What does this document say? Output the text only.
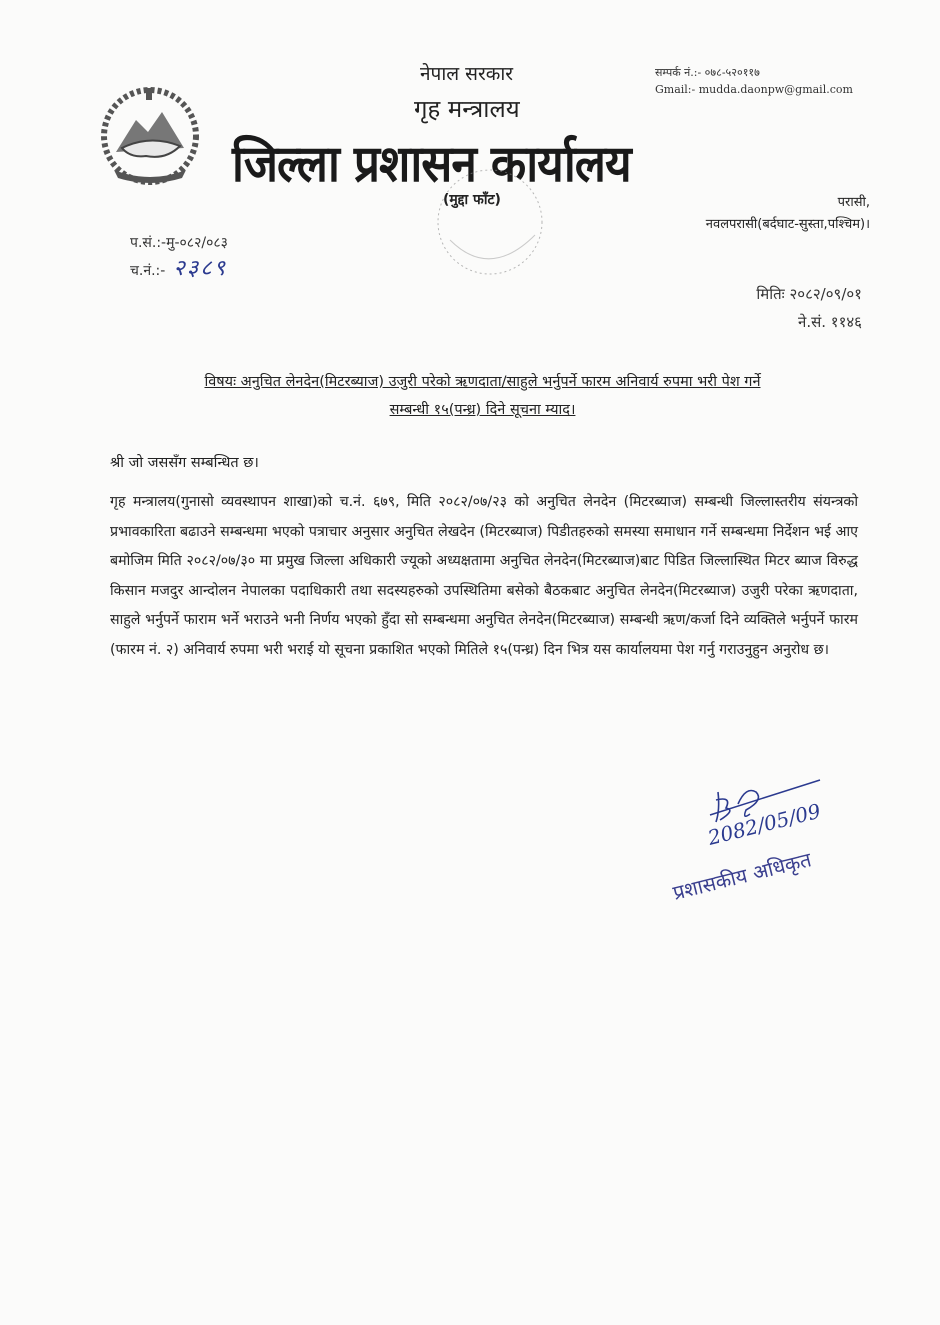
नेपाल सरकार
गृह मन्त्रालय
जिल्ला प्रशासन कार्यालय
सम्पर्क नं.:- ०७८-५२०११७
Gmail:- mudda.daonpw@gmail.com
(मुद्दा फाँट)	परासी,
नवलपरासी(बर्दघाट-सुस्ता,पश्चिम)।
प.सं.:-मु-०८२/०८३
च.नं.:- २३८९
मितिः २०८२/०९/०१
ने.सं. ११४६
विषयः अनुचित लेनदेन(मिटरब्याज) उजुरी परेको ऋणदाता/साहुले भर्नुपर्ने फारम अनिवार्य रुपमा भरी पेश गर्ने
सम्बन्धी १५(पन्ध्र) दिने सूचना म्याद।
श्री जो जससँग सम्बन्धित छ।
गृह मन्त्रालय(गुनासो व्यवस्थापन शाखा)को च.नं. ६७९, मिति २०८२/०७/२३ को अनुचित लेनदेन (मिटरब्याज) सम्बन्धी जिल्लास्तरीय संयन्त्रको प्रभावकारिता बढाउने सम्बन्धमा भएको पत्राचार अनुसार अनुचित लेखदेन (मिटरब्याज) पिडीतहरुको समस्या समाधान गर्ने सम्बन्धमा निर्देशन भई आए बमोजिम मिति २०८२/०७/३० मा प्रमुख जिल्ला अधिकारी ज्यूको अध्यक्षतामा अनुचित लेनदेन(मिटरब्याज)बाट पिडित जिल्लास्थित मिटर ब्याज विरुद्ध किसान मजदुर आन्दोलन नेपालका पदाधिकारी तथा सदस्यहरुको उपस्थितिमा बसेको बैठकबाट अनुचित लेनदेन(मिटरब्याज) उजुरी परेका ऋणदाता, साहुले भर्नुपर्ने फाराम भर्ने भराउने भनी निर्णय भएको हुँदा सो सम्बन्धमा अनुचित लेनदेन(मिटरब्याज) सम्बन्धी ऋण/कर्जा दिने व्यक्तिले भर्नुपर्ने फारम (फारम नं. २) अनिवार्य रुपमा भरी भराई यो सूचना प्रकाशित भएको मितिले १५(पन्ध्र) दिन भित्र यस कार्यालयमा पेश गर्नु गराउनुहुन अनुरोध छ।
2082/05/09
प्रशासकीय अधिकृत
